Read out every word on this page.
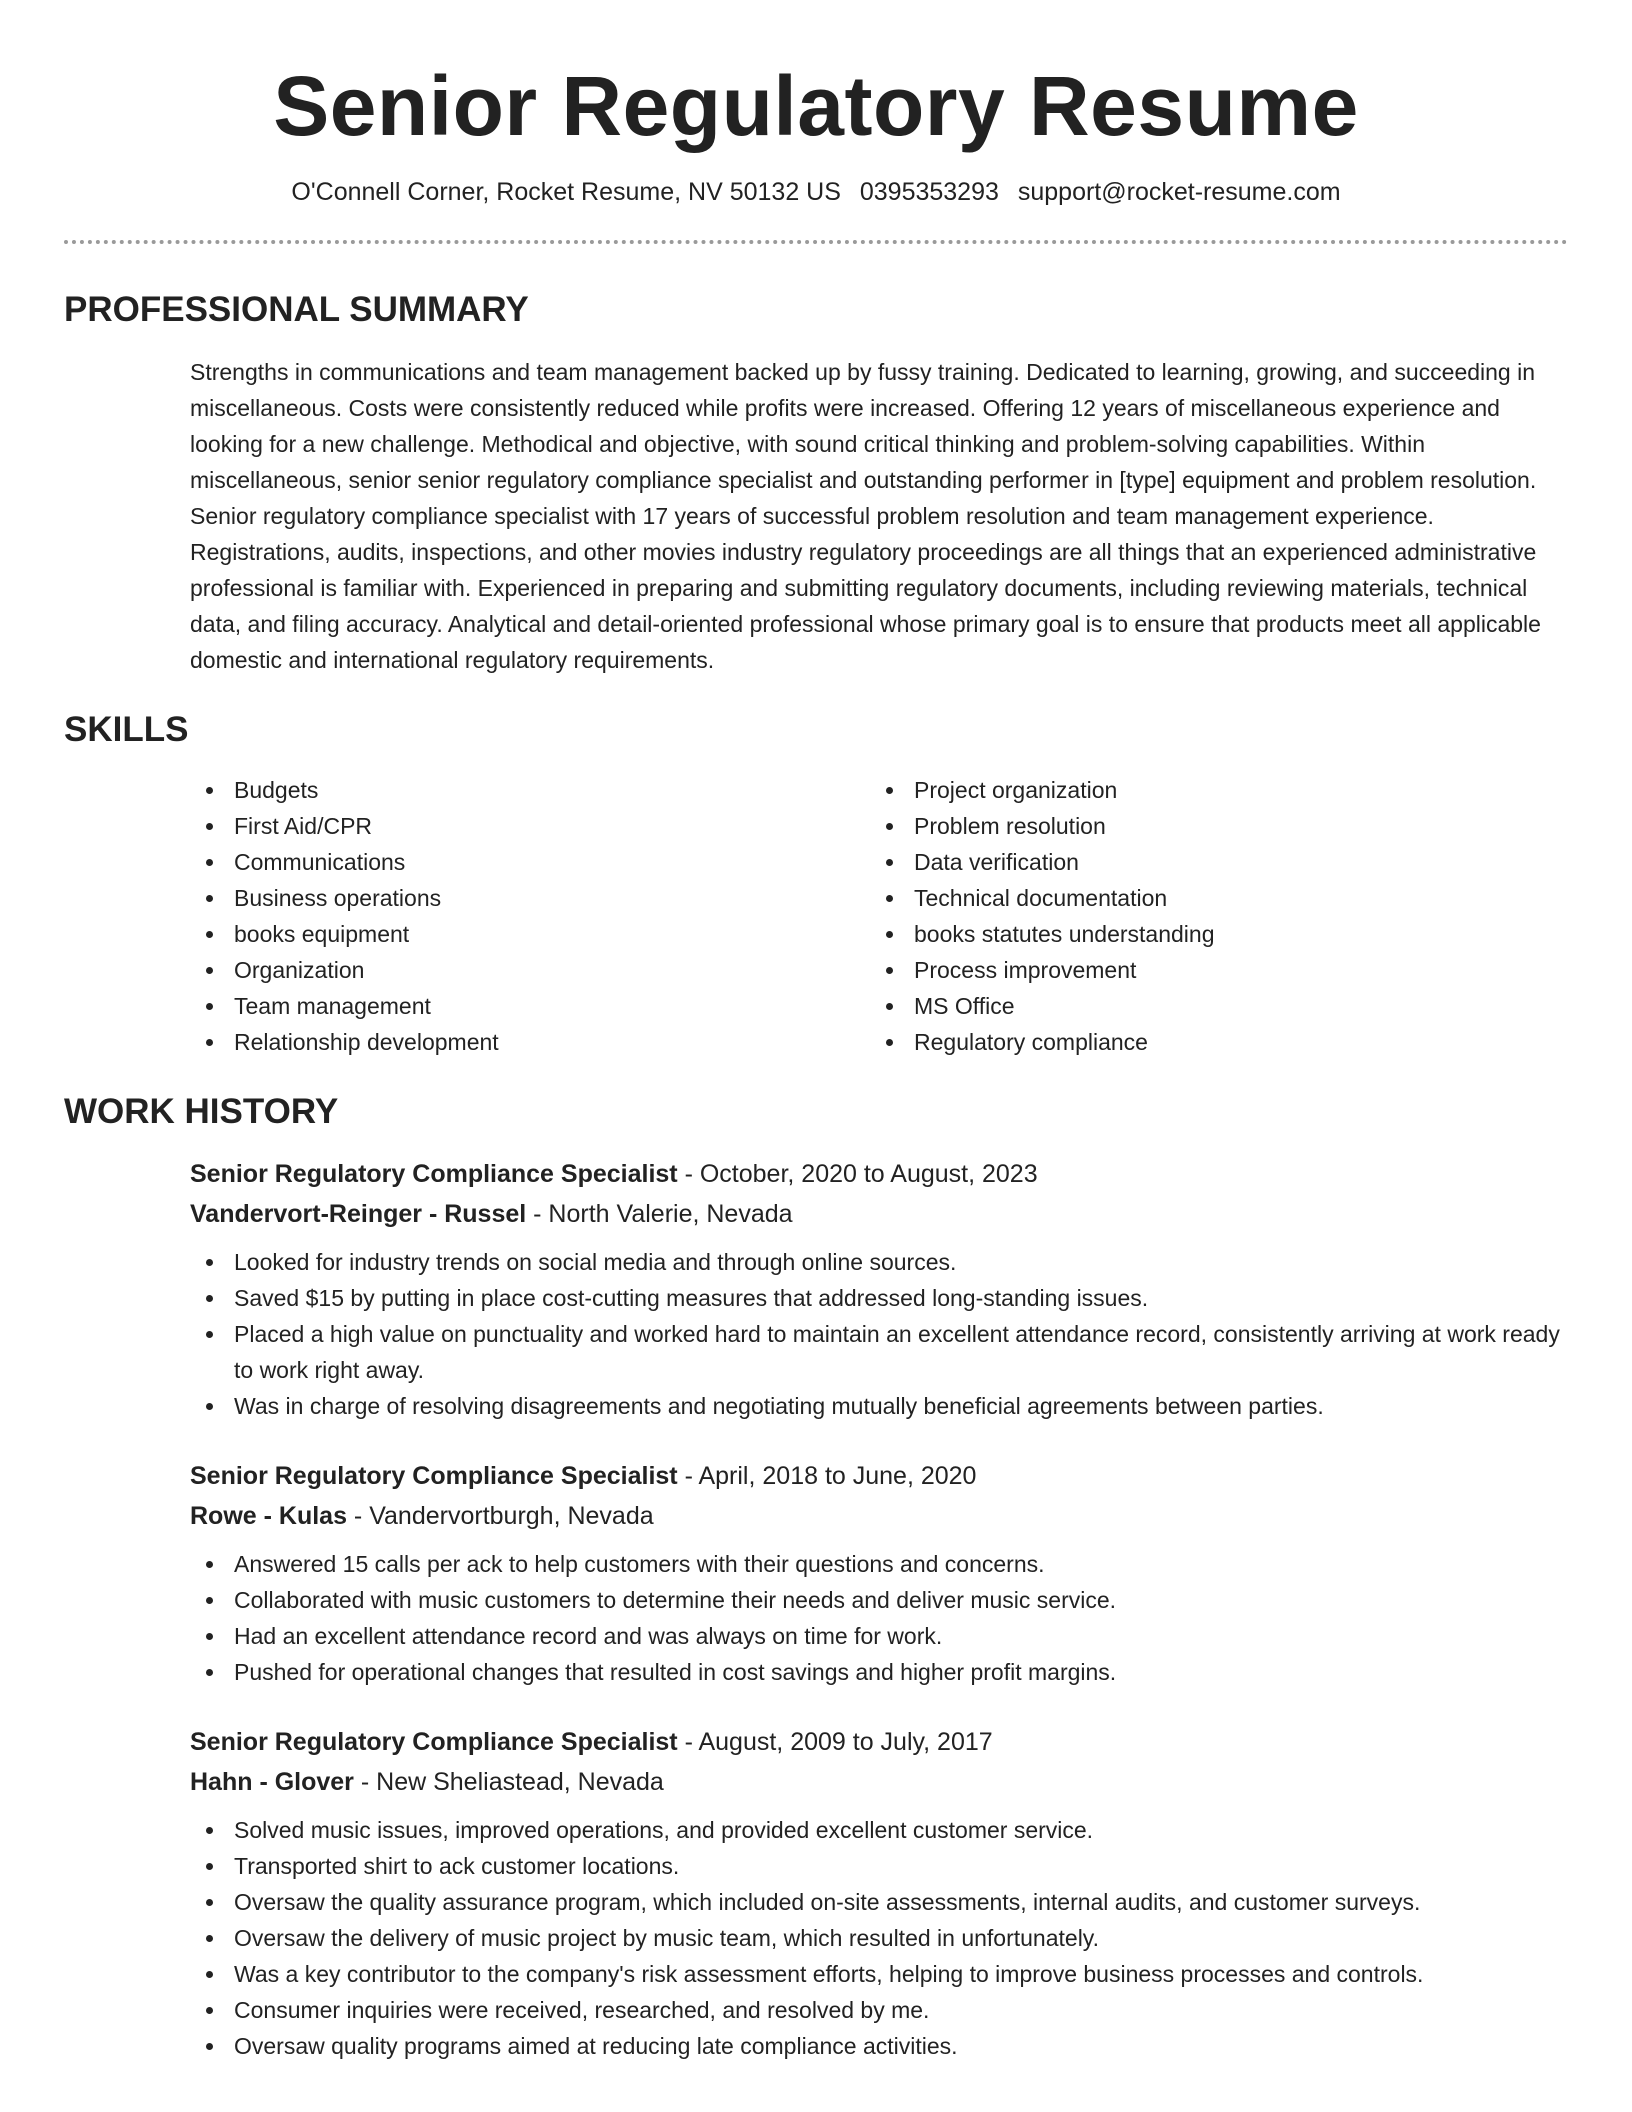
Senior Regulatory Resume
O'Connell Corner, Rocket Resume, NV 50132 US 0395353293 support@rocket-resume.com
PROFESSIONAL SUMMARY

Strengths in communications and team management backed up by fussy training. Dedicated to learning, growing, and succeeding in miscellaneous. Costs were consistently reduced while profits were increased. Offering 12 years of miscellaneous experience and looking for a new challenge. Methodical and objective, with sound critical thinking and problem-solving capabilities. Within miscellaneous, senior senior regulatory compliance specialist and outstanding performer in [type] equipment and problem resolution. Senior regulatory compliance specialist with 17 years of successful problem resolution and team management experience. Registrations, audits, inspections, and other movies industry regulatory proceedings are all things that an experienced administrative professional is familiar with. Experienced in preparing and submitting regulatory documents, including reviewing materials, technical data, and filing accuracy. Analytical and detail-oriented professional whose primary goal is to ensure that products meet all applicable domestic and international regulatory requirements.

SKILLS
Budgets
First Aid/CPR
Communications
Business operations
books equipment
Organization
Team management
Relationship development
Project organization
Problem resolution
Data verification
Technical documentation
books statutes understanding
Process improvement
MS Office
Regulatory compliance
WORK HISTORY
Senior Regulatory Compliance Specialist - October, 2020 to August, 2023
Vandervort-Reinger - Russel - North Valerie, Nevada
Looked for industry trends on social media and through online sources.
Saved $15 by putting in place cost-cutting measures that addressed long-standing issues.
Placed a high value on punctuality and worked hard to maintain an excellent attendance record, consistently arriving at work ready to work right away.
Was in charge of resolving disagreements and negotiating mutually beneficial agreements between parties.
Senior Regulatory Compliance Specialist - April, 2018 to June, 2020
Rowe - Kulas - Vandervortburgh, Nevada
Answered 15 calls per ack to help customers with their questions and concerns.
Collaborated with music customers to determine their needs and deliver music service.
Had an excellent attendance record and was always on time for work.
Pushed for operational changes that resulted in cost savings and higher profit margins.
Senior Regulatory Compliance Specialist - August, 2009 to July, 2017
Hahn - Glover - New Sheliastead, Nevada
Solved music issues, improved operations, and provided excellent customer service.
Transported shirt to ack customer locations.
Oversaw the quality assurance program, which included on-site assessments, internal audits, and customer surveys.
Oversaw the delivery of music project by music team, which resulted in unfortunately.
Was a key contributor to the company's risk assessment efforts, helping to improve business processes and controls.
Consumer inquiries were received, researched, and resolved by me.
Oversaw quality programs aimed at reducing late compliance activities.
